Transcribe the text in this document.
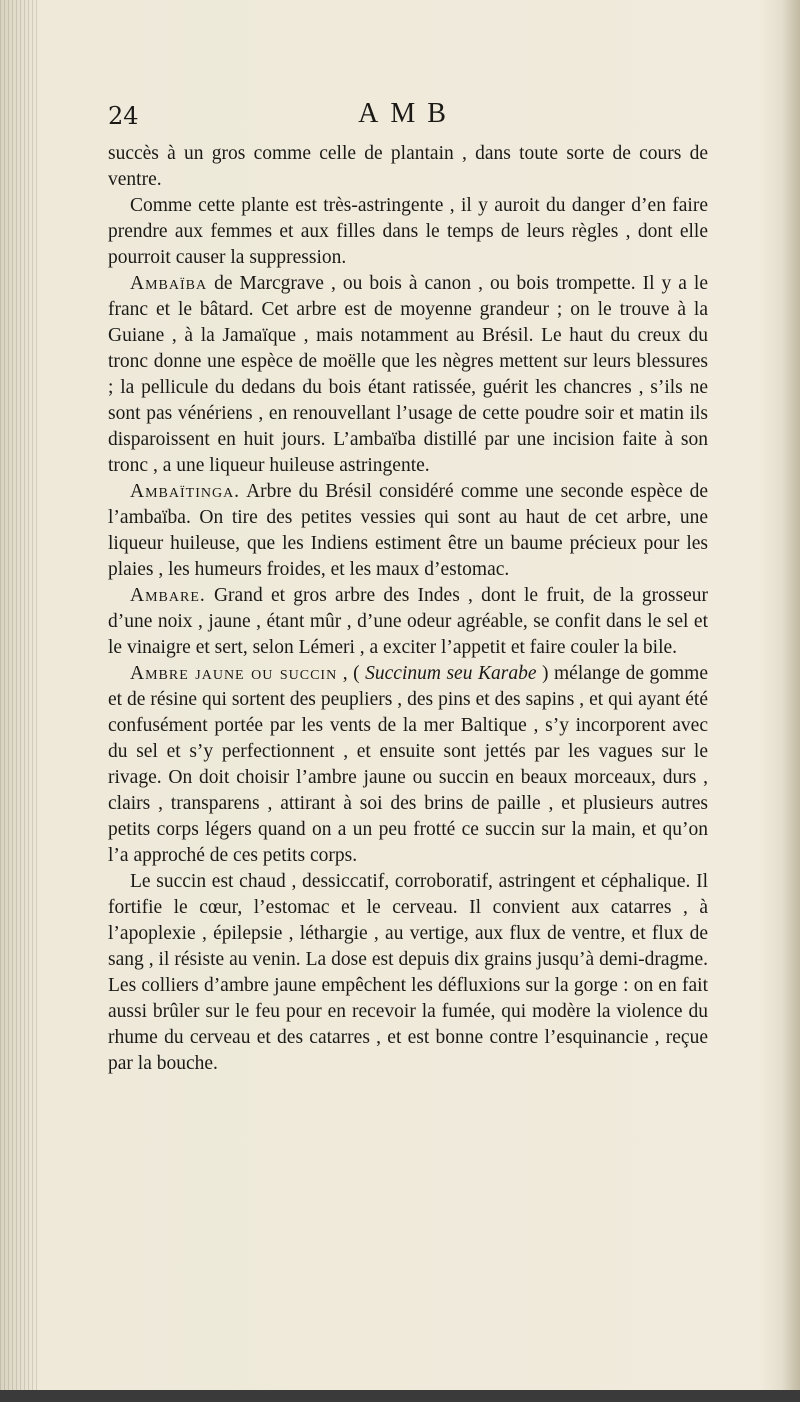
24	AMB

succès à un gros comme celle de plantain , dans toute sorte de cours de ventre.

Comme cette plante est très-astringente , il y auroit du danger d’en faire prendre aux femmes et aux filles dans le temps de leurs règles , dont elle pourroit causer la suppression.

Ambaïba de Marcgrave , ou bois à canon , ou bois trompette. Il y a le franc et le bâtard. Cet arbre est de moyenne grandeur ; on le trouve à la Guiane , à la Jamaïque , mais notamment au Brésil. Le haut du creux du tronc donne une espèce de moëlle que les nègres mettent sur leurs blessures ; la pellicule du dedans du bois étant ratissée, guérit les chancres , s’ils ne sont pas vénériens , en renouvellant l’usage de cette poudre soir et matin ils disparoissent en huit jours. L’ambaïba distillé par une incision faite à son tronc , a une liqueur huileuse astringente.

Ambaïtinga. Arbre du Brésil considéré comme une seconde espèce de l’ambaïba. On tire des petites vessies qui sont au haut de cet arbre, une liqueur huileuse, que les Indiens estiment être un baume précieux pour les plaies , les humeurs froides, et les maux d’estomac.

Ambare. Grand et gros arbre des Indes , dont le fruit, de la grosseur d’une noix , jaune , étant mûr , d’une odeur agréable, se confit dans le sel et le vinaigre et sert, selon Lémeri , a exciter l’appetit et faire couler la bile.

Ambre jaune ou succin , ( Succinum seu Karabe ) mélange de gomme et de résine qui sortent des peupliers , des pins et des sapins , et qui ayant été confusément portée par les vents de la mer Baltique , s’y incorporent avec du sel et s’y perfectionnent , et ensuite sont jettés par les vagues sur le rivage. On doit choisir l’ambre jaune ou succin en beaux morceaux, durs , clairs , transparens , attirant à soi des brins de paille , et plusieurs autres petits corps légers quand on a un peu frotté ce succin sur la main, et qu’on l’a approché de ces petits corps.

Le succin est chaud , dessiccatif, corroboratif, astringent et céphalique. Il fortifie le cœur, l’estomac et le cerveau. Il convient aux catarres , à l’apoplexie , épilepsie , léthargie , au vertige, aux flux de ventre, et flux de sang , il résiste au venin. La dose est depuis dix grains jusqu’à demi-dragme. Les colliers d’ambre jaune empêchent les défluxions sur la gorge : on en fait aussi brûler sur le feu pour en recevoir la fumée, qui modère la violence du rhume du cerveau et des catarres , et est bonne contre l’esquinancie , reçue par la bouche.
